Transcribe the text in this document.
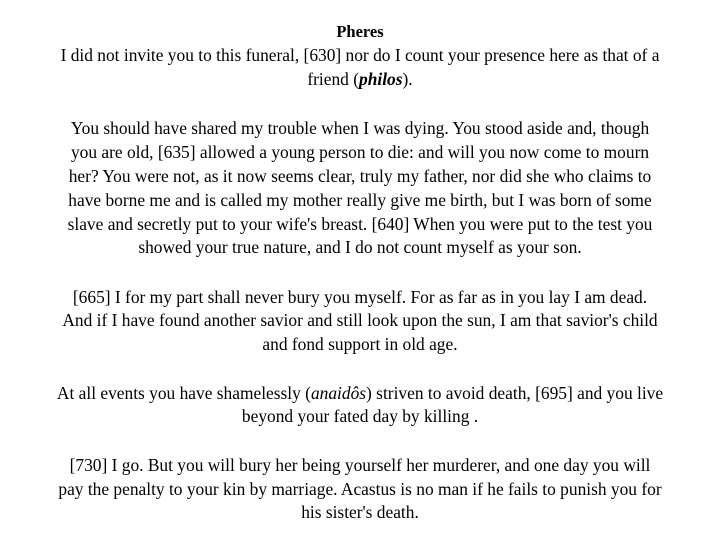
Pheres
I did not invite you to this funeral, [630] nor do I count your presence here as that of a
friend (philos).
You should have shared my trouble when I was dying. You stood aside and, though
you are old, [635] allowed a young person to die: and will you now come to mourn
her? You were not, as it now seems clear, truly my father, nor did she who claims to
have borne me and is called my mother really give me birth, but I was born of some
slave and secretly put to your wife's breast. [640] When you were put to the test you
showed your true nature, and I do not count myself as your son.
[665] I for my part shall never bury you myself. For as far as in you lay I am dead.
And if I have found another savior and still look upon the sun, I am that savior's child
and fond support in old age.
At all events you have shamelessly (anaidôs) striven to avoid death, [695] and you live
beyond your fated day by killing .
[730] I go. But you will bury her being yourself her murderer, and one day you will
pay the penalty to your kin by marriage. Acastus is no man if he fails to punish you for
his sister's death.
